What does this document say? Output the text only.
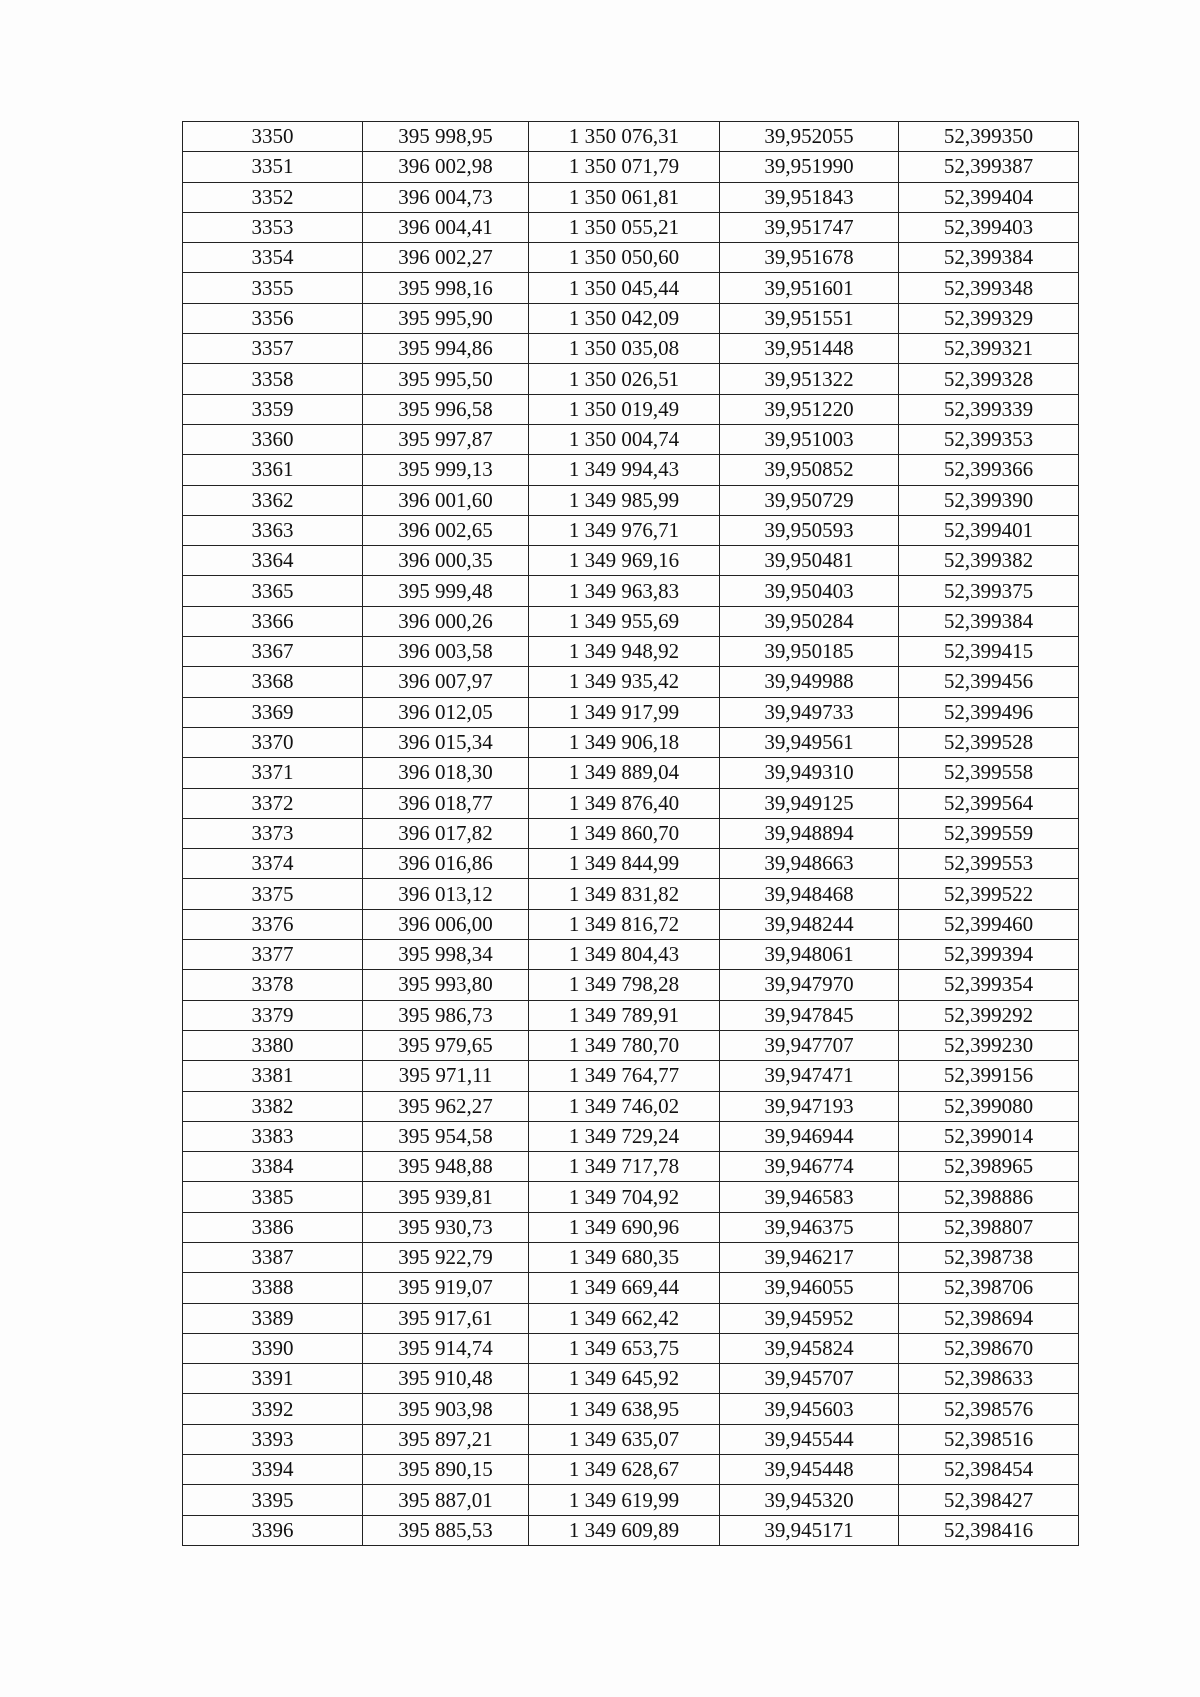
3350	395 998,95	1 350 076,31	39,952055	52,399350
3351	396 002,98	1 350 071,79	39,951990	52,399387
3352	396 004,73	1 350 061,81	39,951843	52,399404
3353	396 004,41	1 350 055,21	39,951747	52,399403
3354	396 002,27	1 350 050,60	39,951678	52,399384
3355	395 998,16	1 350 045,44	39,951601	52,399348
3356	395 995,90	1 350 042,09	39,951551	52,399329
3357	395 994,86	1 350 035,08	39,951448	52,399321
3358	395 995,50	1 350 026,51	39,951322	52,399328
3359	395 996,58	1 350 019,49	39,951220	52,399339
3360	395 997,87	1 350 004,74	39,951003	52,399353
3361	395 999,13	1 349 994,43	39,950852	52,399366
3362	396 001,60	1 349 985,99	39,950729	52,399390
3363	396 002,65	1 349 976,71	39,950593	52,399401
3364	396 000,35	1 349 969,16	39,950481	52,399382
3365	395 999,48	1 349 963,83	39,950403	52,399375
3366	396 000,26	1 349 955,69	39,950284	52,399384
3367	396 003,58	1 349 948,92	39,950185	52,399415
3368	396 007,97	1 349 935,42	39,949988	52,399456
3369	396 012,05	1 349 917,99	39,949733	52,399496
3370	396 015,34	1 349 906,18	39,949561	52,399528
3371	396 018,30	1 349 889,04	39,949310	52,399558
3372	396 018,77	1 349 876,40	39,949125	52,399564
3373	396 017,82	1 349 860,70	39,948894	52,399559
3374	396 016,86	1 349 844,99	39,948663	52,399553
3375	396 013,12	1 349 831,82	39,948468	52,399522
3376	396 006,00	1 349 816,72	39,948244	52,399460
3377	395 998,34	1 349 804,43	39,948061	52,399394
3378	395 993,80	1 349 798,28	39,947970	52,399354
3379	395 986,73	1 349 789,91	39,947845	52,399292
3380	395 979,65	1 349 780,70	39,947707	52,399230
3381	395 971,11	1 349 764,77	39,947471	52,399156
3382	395 962,27	1 349 746,02	39,947193	52,399080
3383	395 954,58	1 349 729,24	39,946944	52,399014
3384	395 948,88	1 349 717,78	39,946774	52,398965
3385	395 939,81	1 349 704,92	39,946583	52,398886
3386	395 930,73	1 349 690,96	39,946375	52,398807
3387	395 922,79	1 349 680,35	39,946217	52,398738
3388	395 919,07	1 349 669,44	39,946055	52,398706
3389	395 917,61	1 349 662,42	39,945952	52,398694
3390	395 914,74	1 349 653,75	39,945824	52,398670
3391	395 910,48	1 349 645,92	39,945707	52,398633
3392	395 903,98	1 349 638,95	39,945603	52,398576
3393	395 897,21	1 349 635,07	39,945544	52,398516
3394	395 890,15	1 349 628,67	39,945448	52,398454
3395	395 887,01	1 349 619,99	39,945320	52,398427
3396	395 885,53	1 349 609,89	39,945171	52,398416
